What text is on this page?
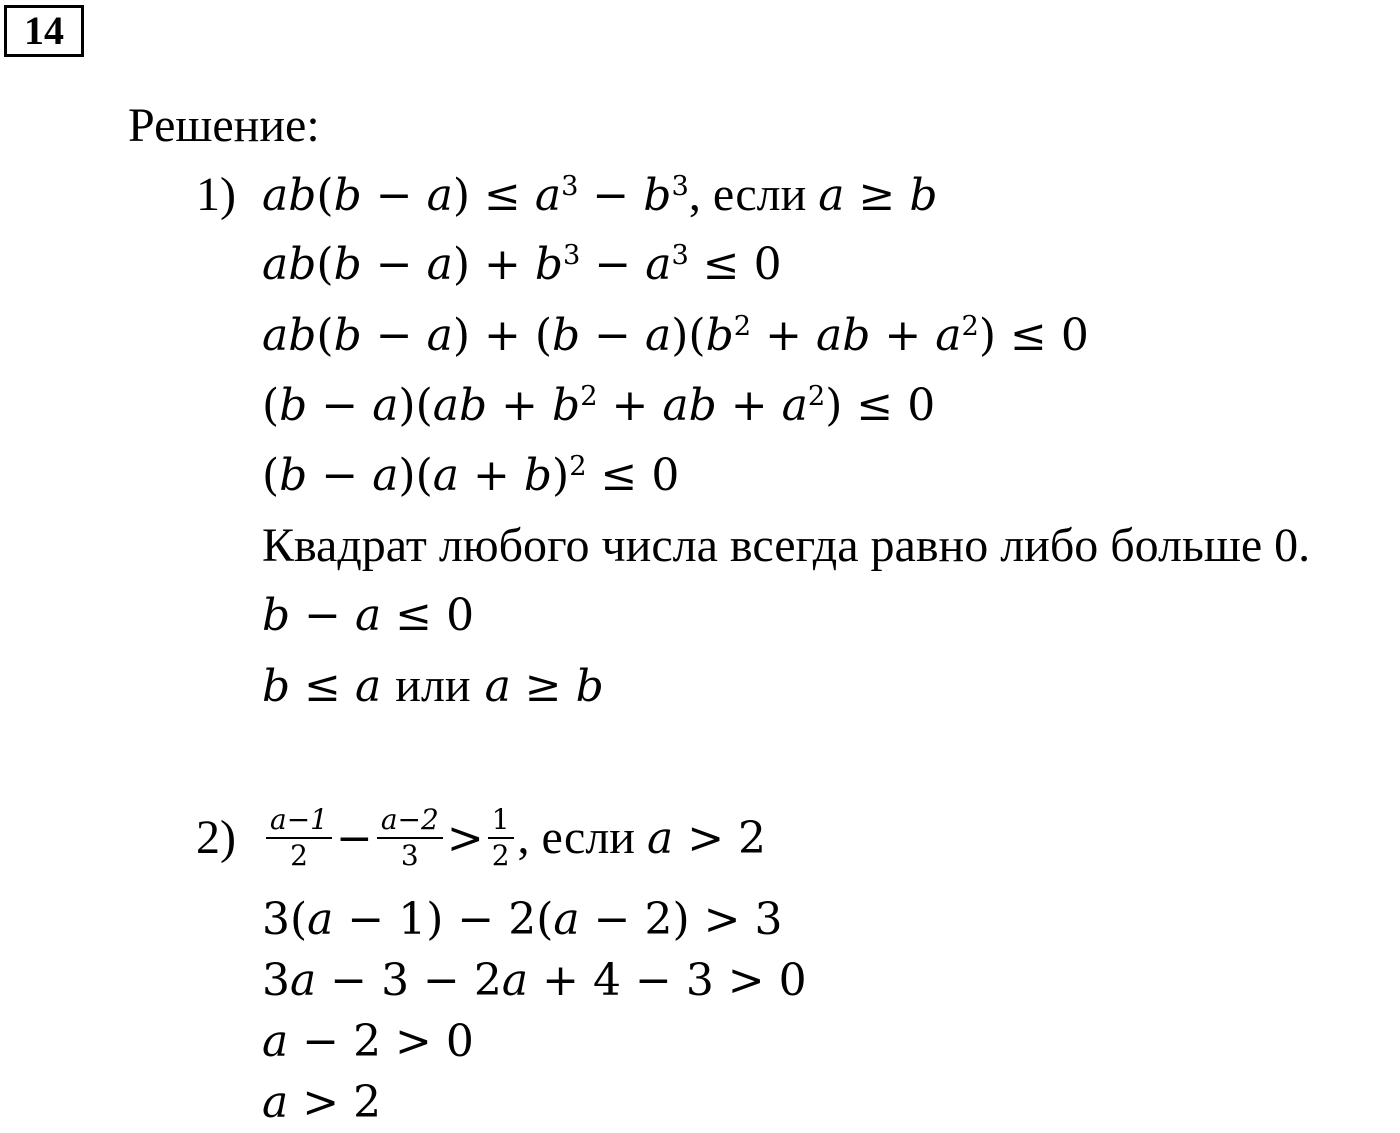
14
Решение:
1) $ab(b - a) \le a^3 - b^3$, если a ≥ b
$ab(b - a) + b^3 - a^3 \le 0$
$ab(b - a) + (b - a)(b^2$ + ab + $a^2) \le 0$
$(b - a)(ab + b^2$ + ab + $a^2) \le 0$
$(b - a)(a + b)^2 \le 0$
Квадрат любого числа всегда равно либо больше 0.
b − a ≤ 0
b ≤ a или a ≥ b
$2) \frac{a-1}{2} - \frac{a-2}{3} > \frac{1}{2}$ , если a > 2
3(a − 1) − 2(a − 2) > 3
3a − 3 − 2a + 4 − 3 > 0
a − 2 > 0
a > 2
